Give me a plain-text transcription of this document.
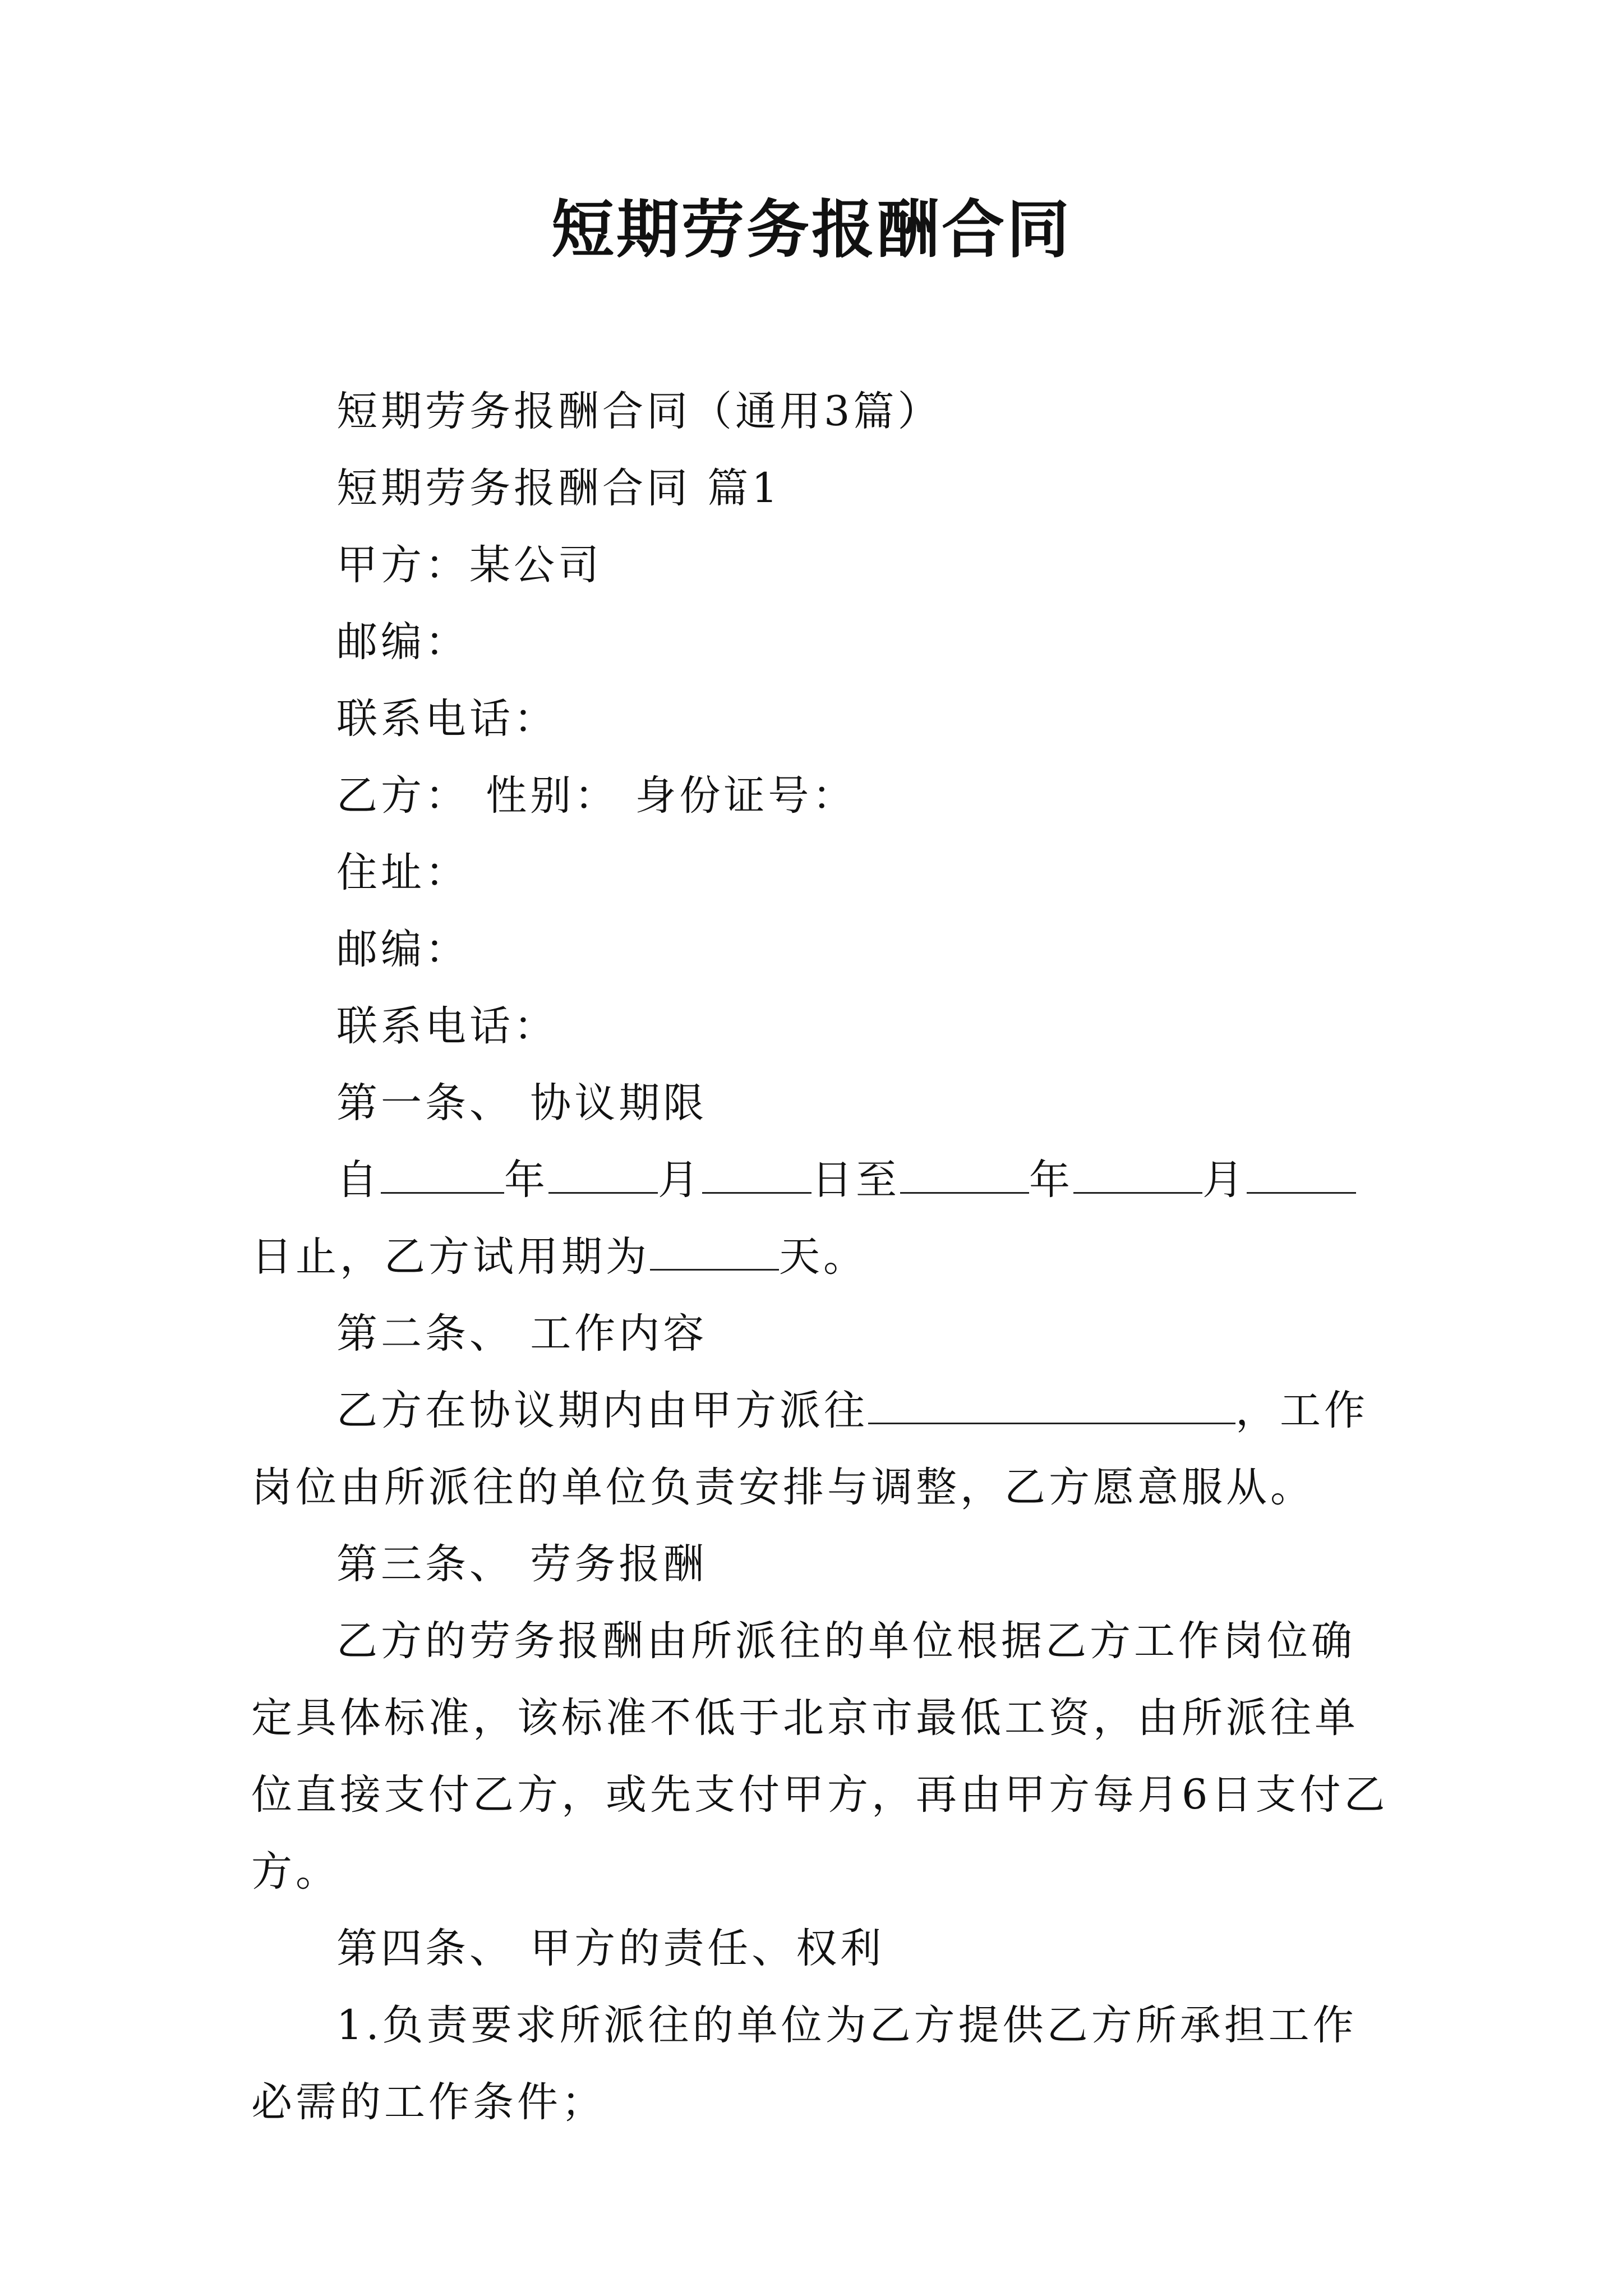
短期劳务报酬合同

短期劳务报酬合同（通用3篇）

短期劳务报酬合同 篇1

甲方：某公司

邮编：

联系电话：

乙方： 性别： 身份证号：

住址：

邮编：

联系电话：

第一条、 协议期限

自	年	月	日至	年	月日止，乙方试用期为	天。

第二条、 工作内容

乙方在协议期内由甲方派往	，工作岗位由所派往的单位负责安排与调整，乙方愿意服从。

第三条、 劳务报酬

乙方的劳务报酬由所派往的单位根据乙方工作岗位确定具体标准，该标准不低于北京市最低工资，由所派往单位直接支付乙方，或先支付甲方，再由甲方每月6日支付乙方。

第四条、 甲方的责任、权利

1.负责要求所派往的单位为乙方提供乙方所承担工作必需的工作条件；
